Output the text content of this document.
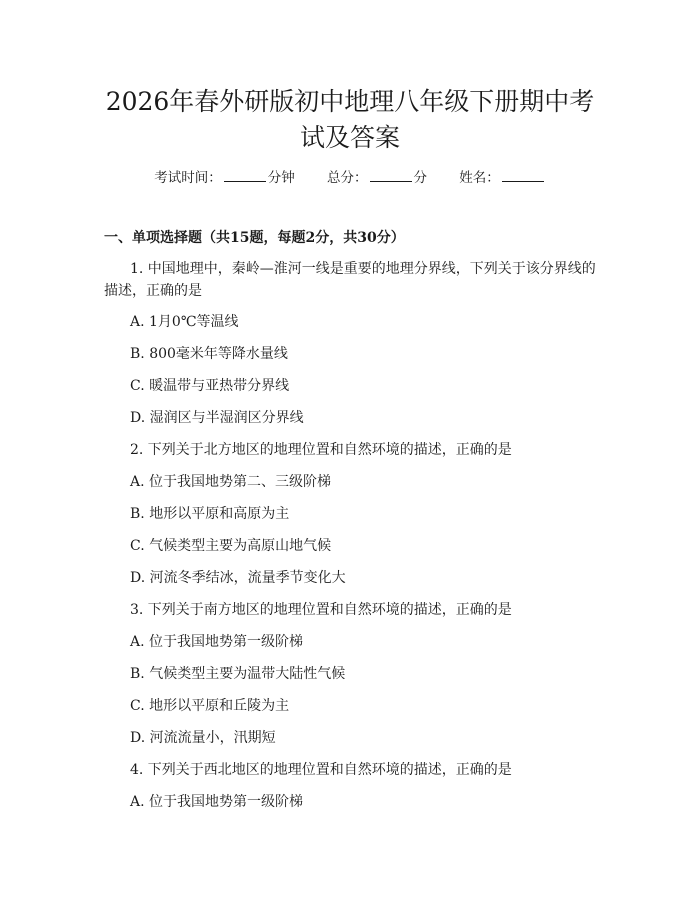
2026年春外研版初中地理八年级下册期中考
试及答案
考试时间：	分钟 总分：	分 姓名：
一、单项选择题（共15题，每题2分，共30分）
1. 中国地理中，秦岭—淮河一线是重要的地理分界线，下列关于该分界线的
描述，正确的是
A. 1月0℃等温线
B. 800毫米年等降水量线
C. 暖温带与亚热带分界线
D. 湿润区与半湿润区分界线
2. 下列关于北方地区的地理位置和自然环境的描述，正确的是
A. 位于我国地势第二、三级阶梯
B. 地形以平原和高原为主
C. 气候类型主要为高原山地气候
D. 河流冬季结冰，流量季节变化大
3. 下列关于南方地区的地理位置和自然环境的描述，正确的是
A. 位于我国地势第一级阶梯
B. 气候类型主要为温带大陆性气候
C. 地形以平原和丘陵为主
D. 河流流量小，汛期短
4. 下列关于西北地区的地理位置和自然环境的描述，正确的是
A. 位于我国地势第一级阶梯
